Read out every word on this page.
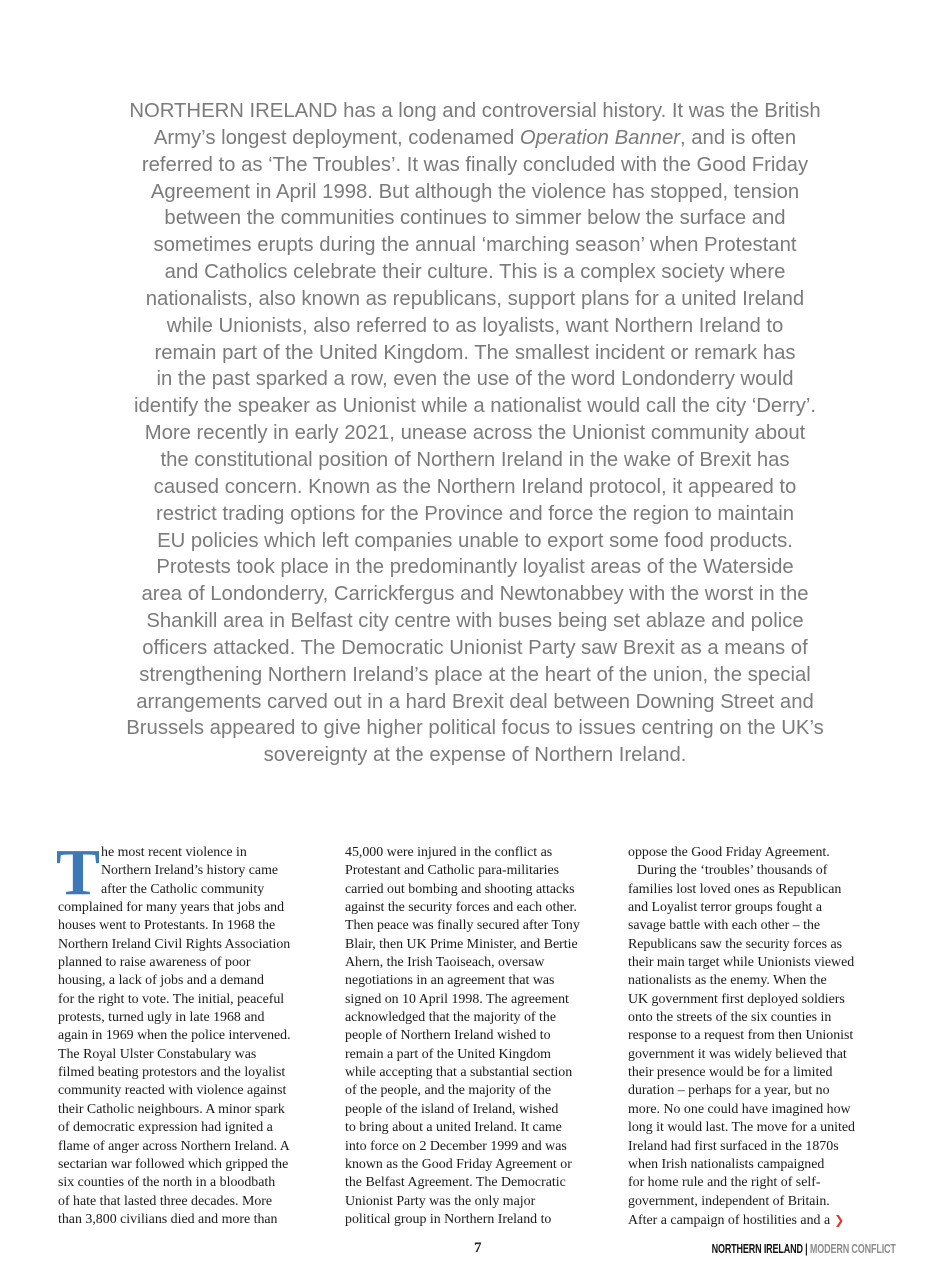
NORTHERN IRELAND has a long and controversial history. It was the British
Army’s longest deployment, codenamed Operation Banner, and is often
referred to as ‘The Troubles’. It was finally concluded with the Good Friday
Agreement in April 1998. But although the violence has stopped, tension
between the communities continues to simmer below the surface and
sometimes erupts during the annual ‘marching season’ when Protestant
and Catholics celebrate their culture. This is a complex society where
nationalists, also known as republicans, support plans for a united Ireland
while Unionists, also referred to as loyalists, want Northern Ireland to
remain part of the United Kingdom. The smallest incident or remark has
in the past sparked a row, even the use of the word Londonderry would
identify the speaker as Unionist while a nationalist would call the city ‘Derry’.
More recently in early 2021, unease across the Unionist community about
the constitutional position of Northern Ireland in the wake of Brexit has
caused concern. Known as the Northern Ireland protocol, it appeared to
restrict trading options for the Province and force the region to maintain
EU policies which left companies unable to export some food products.
Protests took place in the predominantly loyalist areas of the Waterside
area of Londonderry, Carrickfergus and Newtonabbey with the worst in the
Shankill area in Belfast city centre with buses being set ablaze and police
officers attacked. The Democratic Unionist Party saw Brexit as a means of
strengthening Northern Ireland’s place at the heart of the union, the special
arrangements carved out in a hard Brexit deal between Downing Street and
Brussels appeared to give higher political focus to issues centring on the UK’s
sovereignty at the expense of Northern Ireland.
T he most recent violence in
Northern Ireland’s history came
after the Catholic community
complained for many years that jobs and
houses went to Protestants. In 1968 the
Northern Ireland Civil Rights Association
planned to raise awareness of poor
housing, a lack of jobs and a demand
for the right to vote. The initial, peaceful
protests, turned ugly in late 1968 and
again in 1969 when the police intervened.
The Royal Ulster Constabulary was
filmed beating protestors and the loyalist
community reacted with violence against
their Catholic neighbours. A minor spark
of democratic expression had ignited a
flame of anger across Northern Ireland. A
sectarian war followed which gripped the
six counties of the north in a bloodbath
of hate that lasted three decades. More
than 3,800 civilians died and more than
45,000 were injured in the conflict as
Protestant and Catholic para-militaries
carried out bombing and shooting attacks
against the security forces and each other.
Then peace was finally secured after Tony
Blair, then UK Prime Minister, and Bertie
Ahern, the Irish Taoiseach, oversaw
negotiations in an agreement that was
signed on 10 April 1998. The agreement
acknowledged that the majority of the
people of Northern Ireland wished to
remain a part of the United Kingdom
while accepting that a substantial section
of the people, and the majority of the
people of the island of Ireland, wished
to bring about a united Ireland. It came
into force on 2 December 1999 and was
known as the Good Friday Agreement or
the Belfast Agreement. The Democratic
Unionist Party was the only major
political group in Northern Ireland to
oppose the Good Friday Agreement.
During the ‘troubles’ thousands of
families lost loved ones as Republican
and Loyalist terror groups fought a
savage battle with each other – the
Republicans saw the security forces as
their main target while Unionists viewed
nationalists as the enemy. When the
UK government first deployed soldiers
onto the streets of the six counties in
response to a request from then Unionist
government it was widely believed that
their presence would be for a limited
duration – perhaps for a year, but no
more. No one could have imagined how
long it would last. The move for a united
Ireland had first surfaced in the 1870s
when Irish nationalists campaigned
for home rule and the right of self-
government, independent of Britain.
After a campaign of hostilities and a ❯
7	NORTHERN IRELAND | MODERN CONFLICT
